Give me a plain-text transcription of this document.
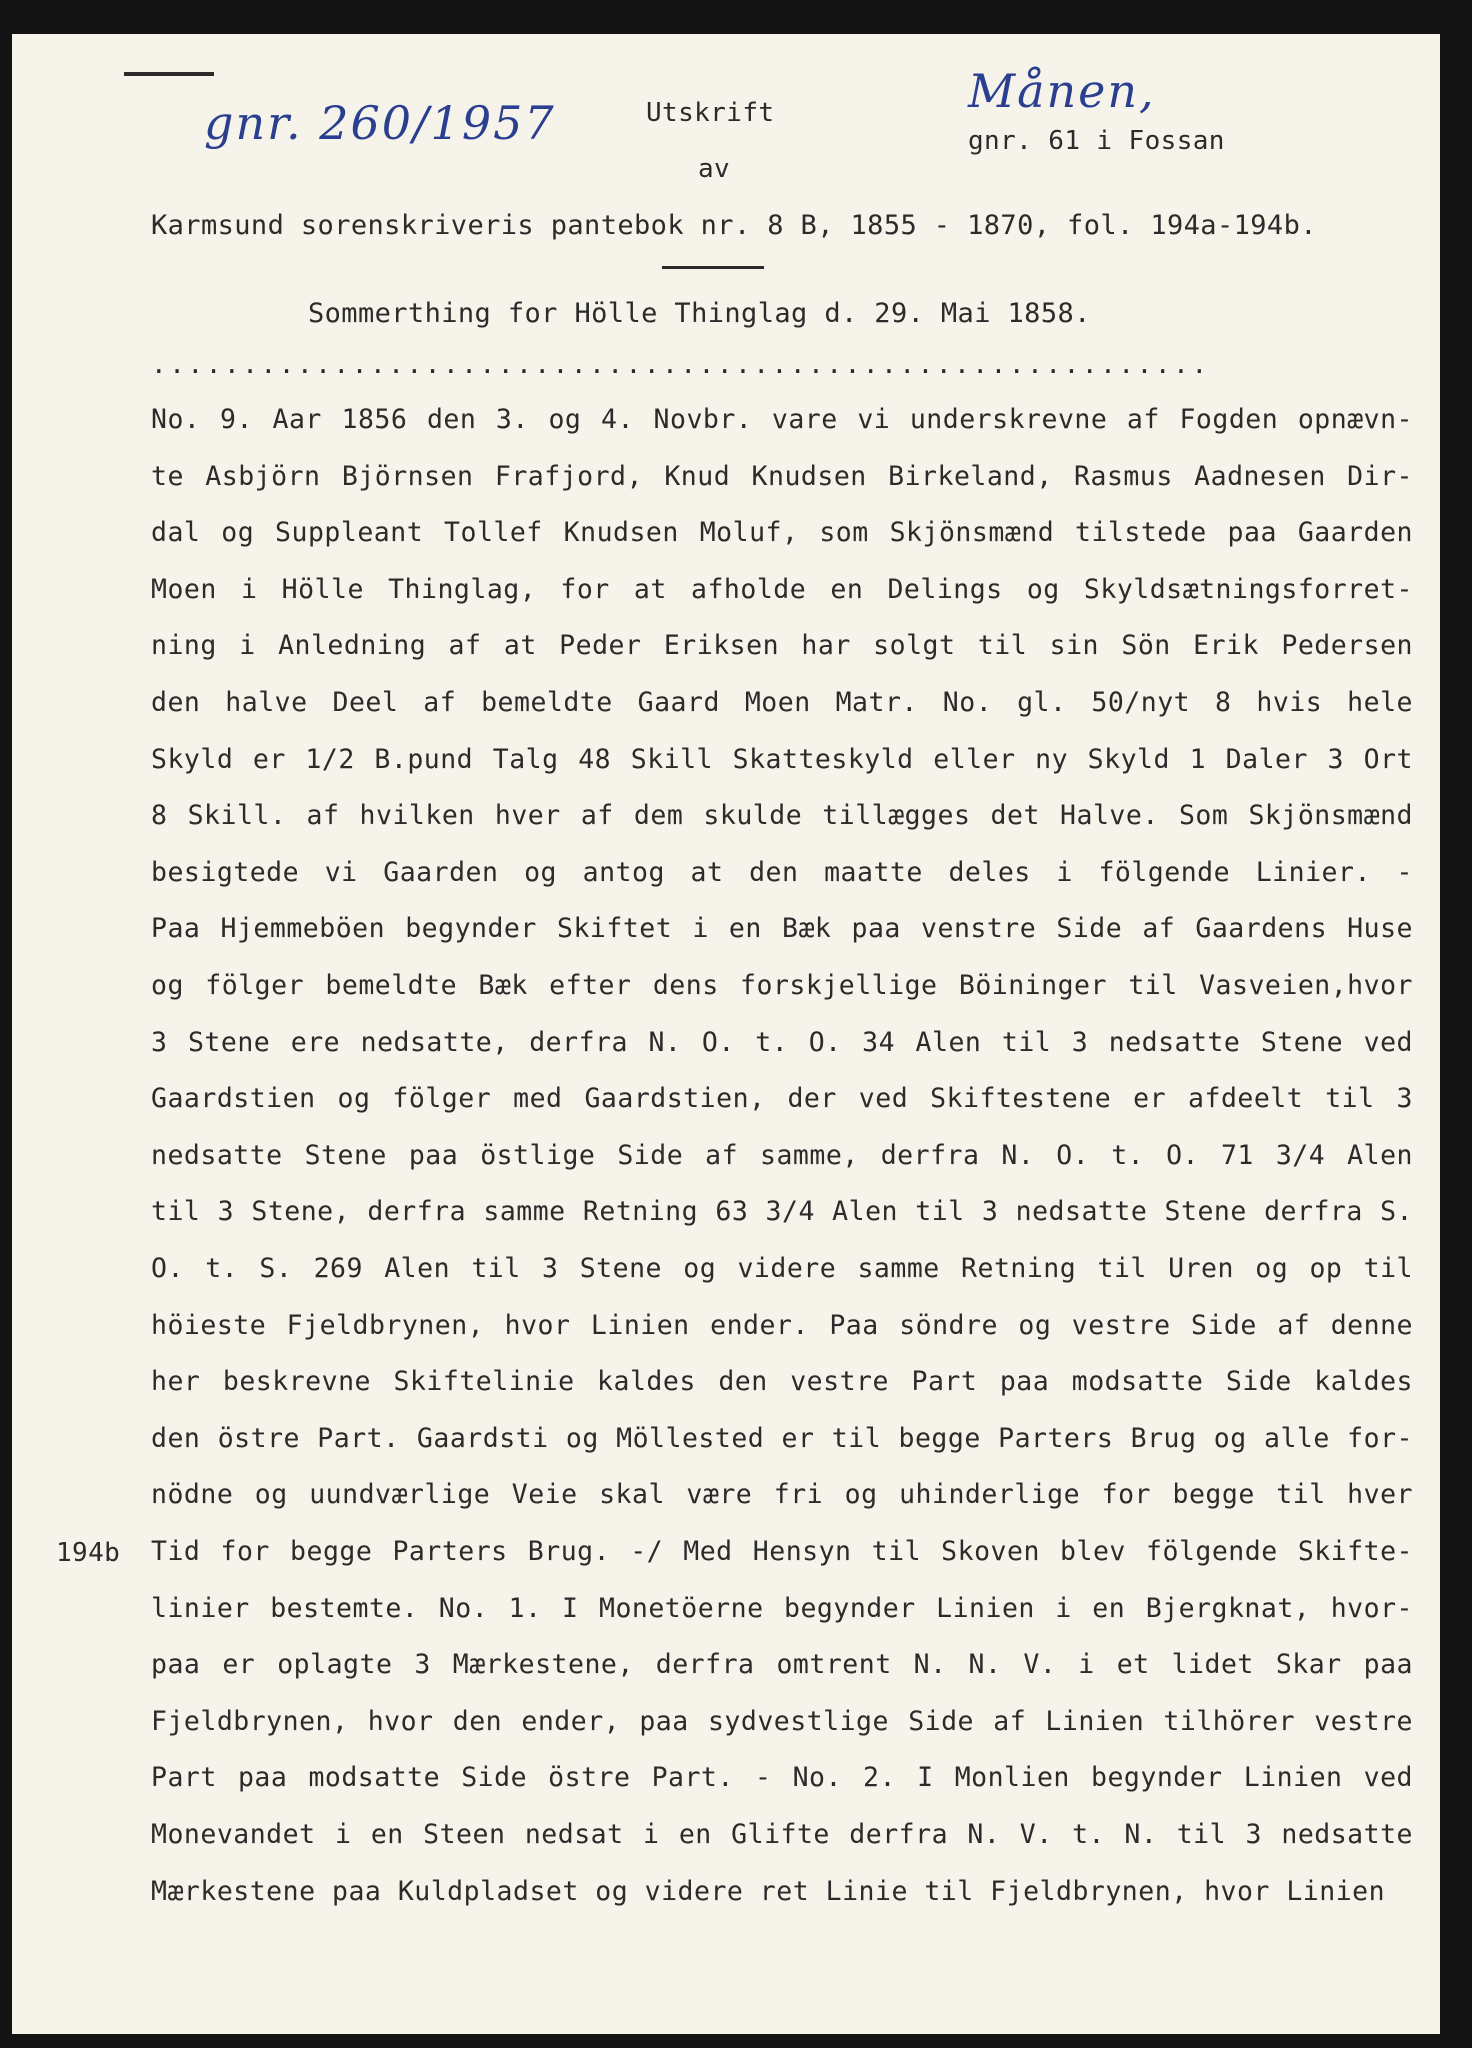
gnr. 260/1957
Månen,
Utskrift
gnr. 61 i Fossan
av
Karmsund sorenskriveris pantebok nr. 8 B, 1855 - 1870, fol. 194a-194b.
Sommerthing for Hölle Thinglag d. 29. Mai 1858.
..........................................................
194b
No. 9. Aar 1856 den 3. og 4. Novbr. vare vi underskrevne af Fogden opnævn-
te Asbjörn Björnsen Frafjord, Knud Knudsen Birkeland, Rasmus Aadnesen Dir-
dal og Suppleant Tollef Knudsen Moluf, som Skjönsmænd tilstede paa Gaarden
Moen i Hölle Thinglag, for at afholde en Delings og Skyldsætningsforret-
ning i Anledning af at Peder Eriksen har solgt til sin Sön Erik Pedersen
den halve Deel af bemeldte Gaard Moen Matr. No. gl. 50/nyt 8 hvis hele
Skyld er 1/2 B.pund Talg 48 Skill Skatteskyld eller ny Skyld 1 Daler 3 Ort
8 Skill. af hvilken hver af dem skulde tillægges det Halve. Som Skjönsmænd
besigtede vi Gaarden og antog at den maatte deles i fölgende Linier. -
Paa Hjemmeböen begynder Skiftet i en Bæk paa venstre Side af Gaardens Huse
og fölger bemeldte Bæk efter dens forskjellige Böininger til Vasveien,hvor
3 Stene ere nedsatte, derfra N. O. t. O. 34 Alen til 3 nedsatte Stene ved
Gaardstien og fölger med Gaardstien, der ved Skiftestene er afdeelt til 3
nedsatte Stene paa östlige Side af samme, derfra N. O. t. O. 71 3/4 Alen
til 3 Stene, derfra samme Retning 63 3/4 Alen til 3 nedsatte Stene derfra S.
O. t. S. 269 Alen til 3 Stene og videre samme Retning til Uren og op til
höieste Fjeldbrynen, hvor Linien ender. Paa söndre og vestre Side af denne
her beskrevne Skiftelinie kaldes den vestre Part paa modsatte Side kaldes
den östre Part. Gaardsti og Möllested er til begge Parters Brug og alle for-
nödne og uundværlige Veie skal være fri og uhinderlige for begge til hver
Tid for begge Parters Brug. -/ Med Hensyn til Skoven blev fölgende Skifte-
linier bestemte. No. 1. I Monetöerne begynder Linien i en Bjergknat, hvor-
paa er oplagte 3 Mærkestene, derfra omtrent N. N. V. i et lidet Skar paa
Fjeldbrynen, hvor den ender, paa sydvestlige Side af Linien tilhörer vestre
Part paa modsatte Side östre Part. - No. 2. I Monlien begynder Linien ved
Monevandet i en Steen nedsat i en Glifte derfra N. V. t. N. til 3 nedsatte
Mærkestene paa Kuldpladset og videre ret Linie til Fjeldbrynen, hvor Linien
